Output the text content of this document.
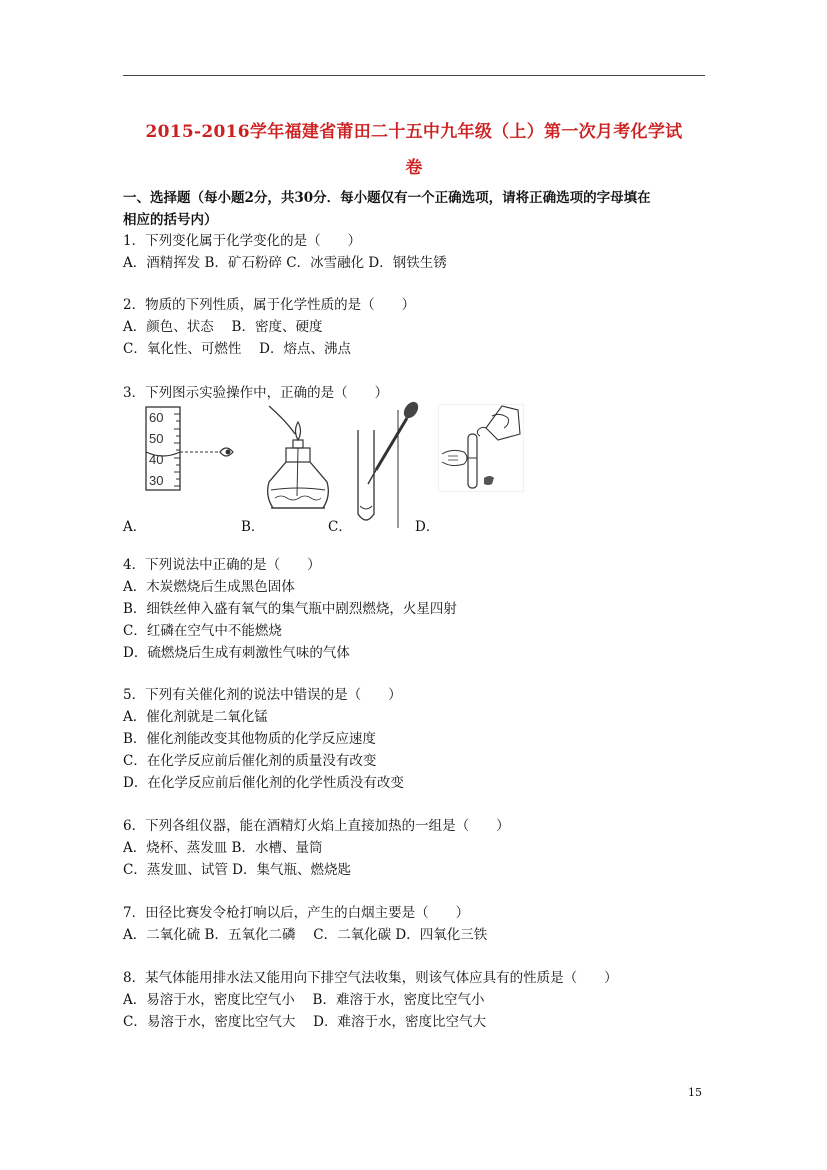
2015-2016学年福建省莆田二十五中九年级（上）第一次月考化学试
卷
一、选择题（每小题2分，共30分．每小题仅有一个正确选项，请将正确选项的字母填在
相应的括号内）
1．下列变化属于化学变化的是（　　）
A．酒精挥发 B．矿石粉碎 C．冰雪融化 D．钢铁生锈
2．物质的下列性质，属于化学性质的是（　　）
A．颜色、状态　 B．密度、硬度
C．氧化性、可燃性　 D．熔点、沸点
3．下列图示实验操作中，正确的是（　　）
60
50
40
30
A．	B．	C．	D．
4．下列说法中正确的是（　　）
A．木炭燃烧后生成黑色固体
B．细铁丝伸入盛有氧气的集气瓶中剧烈燃烧，火星四射
C．红磷在空气中不能燃烧
D．硫燃烧后生成有刺激性气味的气体
5．下列有关催化剂的说法中错误的是（　　）
A．催化剂就是二氧化锰
B．催化剂能改变其他物质的化学反应速度
C．在化学反应前后催化剂的质量没有改变
D．在化学反应前后催化剂的化学性质没有改变
6．下列各组仪器，能在酒精灯火焰上直接加热的一组是（　　）
A．烧杯、蒸发皿 B．水槽、量筒
C．蒸发皿、试管 D．集气瓶、燃烧匙
7．田径比赛发令枪打响以后，产生的白烟主要是（　　）
A．二氧化硫 B．五氧化二磷　 C．二氧化碳 D．四氧化三铁
8．某气体能用排水法又能用向下排空气法收集，则该气体应具有的性质是（　　）
A．易溶于水，密度比空气小　 B．难溶于水，密度比空气小
C．易溶于水，密度比空气大　 D．难溶于水，密度比空气大
15
